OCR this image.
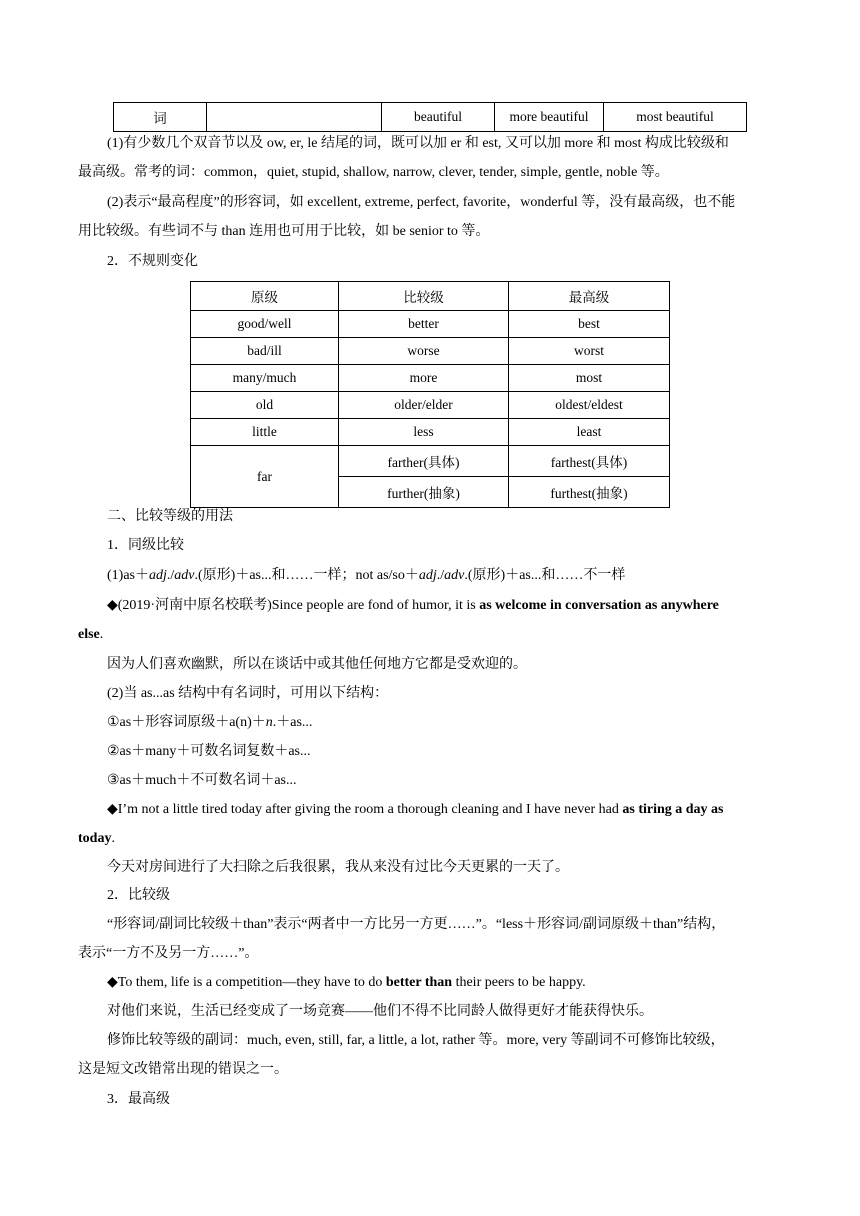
词		beautiful	more beautiful	most beautiful
(1)有少数几个双音节以及 ow, er, le 结尾的词，既可以加 er 和 est, 又可以加 more 和 most 构成比较级和
最高级。常考的词：common，quiet, stupid, shallow, narrow, clever, tender, simple, gentle, noble 等。
(2)表示“最高程度”的形容词，如 excellent, extreme, perfect, favorite，wonderful 等，没有最高级，也不能
用比较级。有些词不与 than 连用也可用于比较，如 be senior to 等。
2．不规则变化
原级	比较级	最高级
good/well	better	best
bad/ill	worse	worst
many/much	more	most
old	older/elder	oldest/eldest
little	less	least
far	farther(具体)	farthest(具体)
	further(抽象)	furthest(抽象)
二、比较等级的用法
1．同级比较
(1)as＋adj./adv.(原形)＋as...和……一样；not as/so＋adj./adv.(原形)＋as...和……不一样
◆(2019·河南中原名校联考)Since people are fond of humor, it is as welcome in conversation as anywhere
else.
因为人们喜欢幽默，所以在谈话中或其他任何地方它都是受欢迎的。
(2)当 as...as 结构中有名词时，可用以下结构：
①as＋形容词原级＋a(n)＋n.＋as...
②as＋many＋可数名词复数＋as...
③as＋much＋不可数名词＋as...
◆I’m not a little tired today after giving the room a thorough cleaning and I have never had as tiring a day as
today.
今天对房间进行了大扫除之后我很累，我从来没有过比今天更累的一天了。
2．比较级
“形容词/副词比较级＋than”表示“两者中一方比另一方更……”。“less＋形容词/副词原级＋than”结构，
表示“一方不及另一方……”。
◆To them, life is a competition—they have to do better than their peers to be happy.
对他们来说，生活已经变成了一场竞赛——他们不得不比同龄人做得更好才能获得快乐。
修饰比较等级的副词：much, even, still, far, a little, a lot, rather 等。more, very 等副词不可修饰比较级，
这是短文改错常出现的错误之一。
3．最高级
